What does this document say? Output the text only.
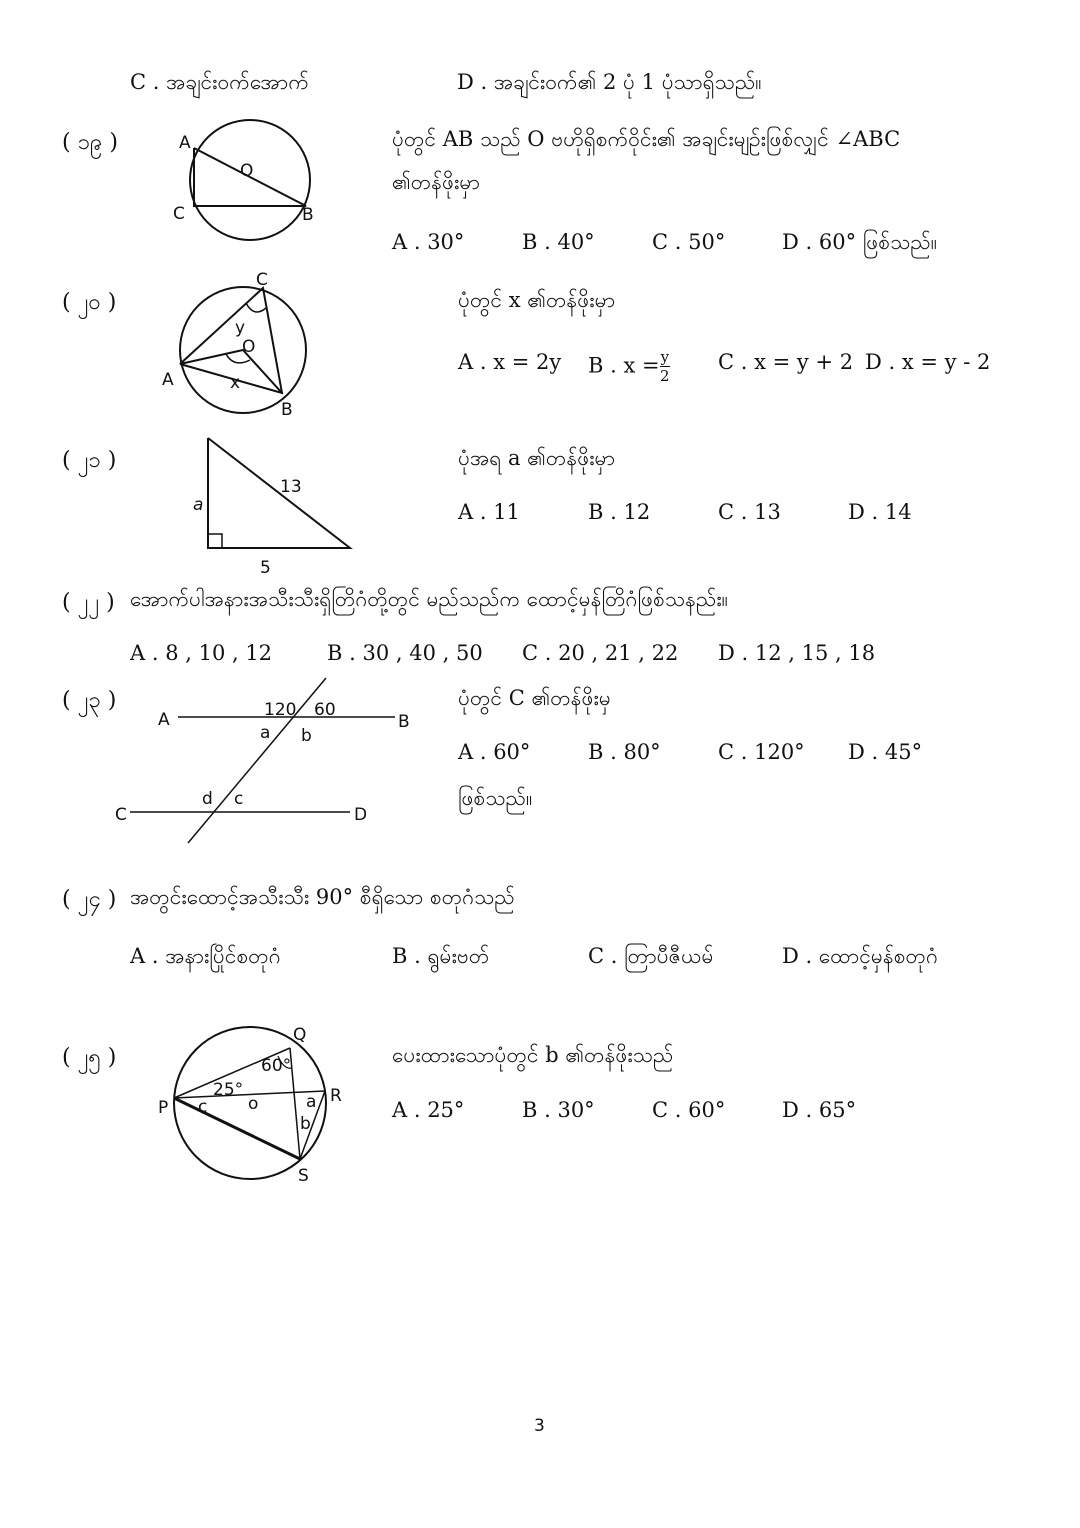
C . အချင်းဝက်အောက်	D . အချင်းဝက်၏ 2 ပုံ 1 ပုံသာရှိသည်။
( ၁၉ )	A
O
C	B
ပုံတွင် AB သည် O ဗဟိုရှိစက်ဝိုင်း၏ အချင်းမျဉ်းဖြစ်လျှင် ∠ABC
၏တန်ဖိုးမှာ
A . 30°	B . 40°	C . 50°	D . 60° ဖြစ်သည်။
( ၂၀ )
C
y
O
A	x
B
ပုံတွင် x ၏တန်ဖိုးမှာ
A . x = 2y B . $x = \frac{y}{2}$ C . x = y + 2 D . x = y - 2
( ၂၁ )
13
a
5
ပုံအရ a ၏တန်ဖိုးမှာ
A . 11	B . 12	C . 13	D . 14
( ၂၂ ) အောက်ပါအနားအသီးသီးရှိတြိဂံတို့တွင် မည်သည်က ထောင့်မှန်တြိဂံဖြစ်သနည်း။
A . 8 , 10 , 12	B . 30 , 40 , 50 C . 20 , 21 , 22 D . 12 , 15 , 18
( ၂၃ )
A	B
120 60
a b
d c
C	D
ပုံတွင် C ၏တန်ဖိုးမှ
A . 60°	B . 80°	C . 120° D . 45°
ဖြစ်သည်။
( ၂၄ ) အတွင်းထောင့်အသီးသီး 90° စီရှိသော စတုဂံသည်
A . အနားပြိုင်စတုဂံ	B . ရွမ်းဗတ်	C . တြာပီဇီယမ်	D . ထောင့်မှန်စတုဂံ
( ၂၅ )
Q
60°
25°
P c o	a R
b
S
ပေးထားသောပုံတွင် b ၏တန်ဖိုးသည်
A . 25°	B . 30°	C . 60°	D . 65°
3
